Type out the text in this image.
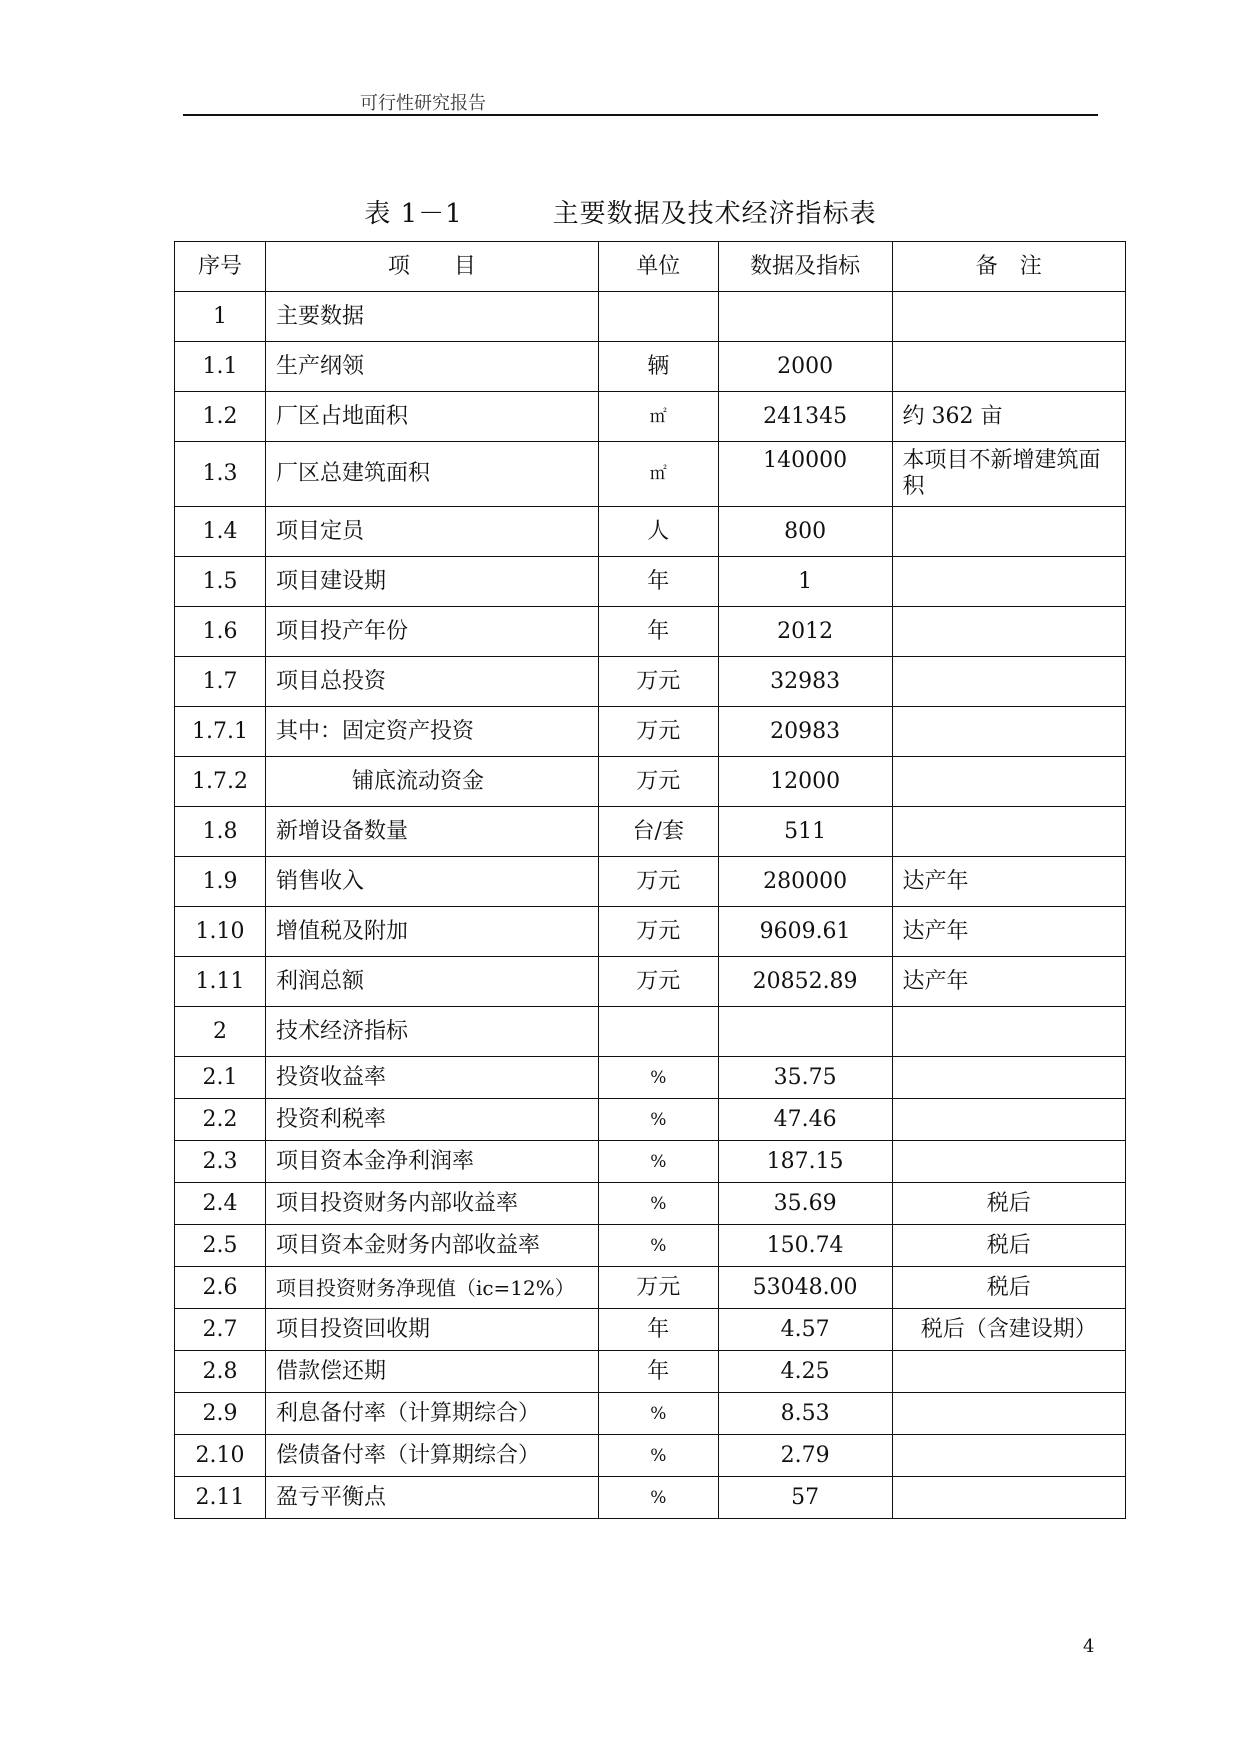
可行性研究报告
表 1－1	主要数据及技术经济指标表
序号	项　　目	单位	数据及指标	备　注
1	主要数据			
1.1	生产纲领	辆	2000	
1.2	厂区占地面积	㎡	241345	约 362 亩
1.3	厂区总建筑面积	㎡	140000	本项目不新增建筑面积
1.4	项目定员	人	800	
1.5	项目建设期	年	1	
1.6	项目投产年份	年	2012	
1.7	项目总投资	万元	32983	
1.7.1	其中：固定资产投资	万元	20983	
1.7.2	铺底流动资金	万元	12000	
1.8	新增设备数量	台/套	511	
1.9	销售收入	万元	280000	达产年
1.10	增值税及附加	万元	9609.61	达产年
1.11	利润总额	万元	20852.89	达产年
2	技术经济指标			
2.1	投资收益率	%	35.75	
2.2	投资利税率	%	47.46	
2.3	项目资本金净利润率	%	187.15	
2.4	项目投资财务内部收益率	%	35.69	税后
2.5	项目资本金财务内部收益率	%	150.74	税后
2.6	项目投资财务净现值（ic=12%）	万元	53048.00	税后
2.7	项目投资回收期	年	4.57	税后（含建设期）
2.8	借款偿还期	年	4.25	
2.9	利息备付率（计算期综合）	%	8.53	
2.10	偿债备付率（计算期综合）	%	2.79	
2.11	盈亏平衡点	%	57	
4
